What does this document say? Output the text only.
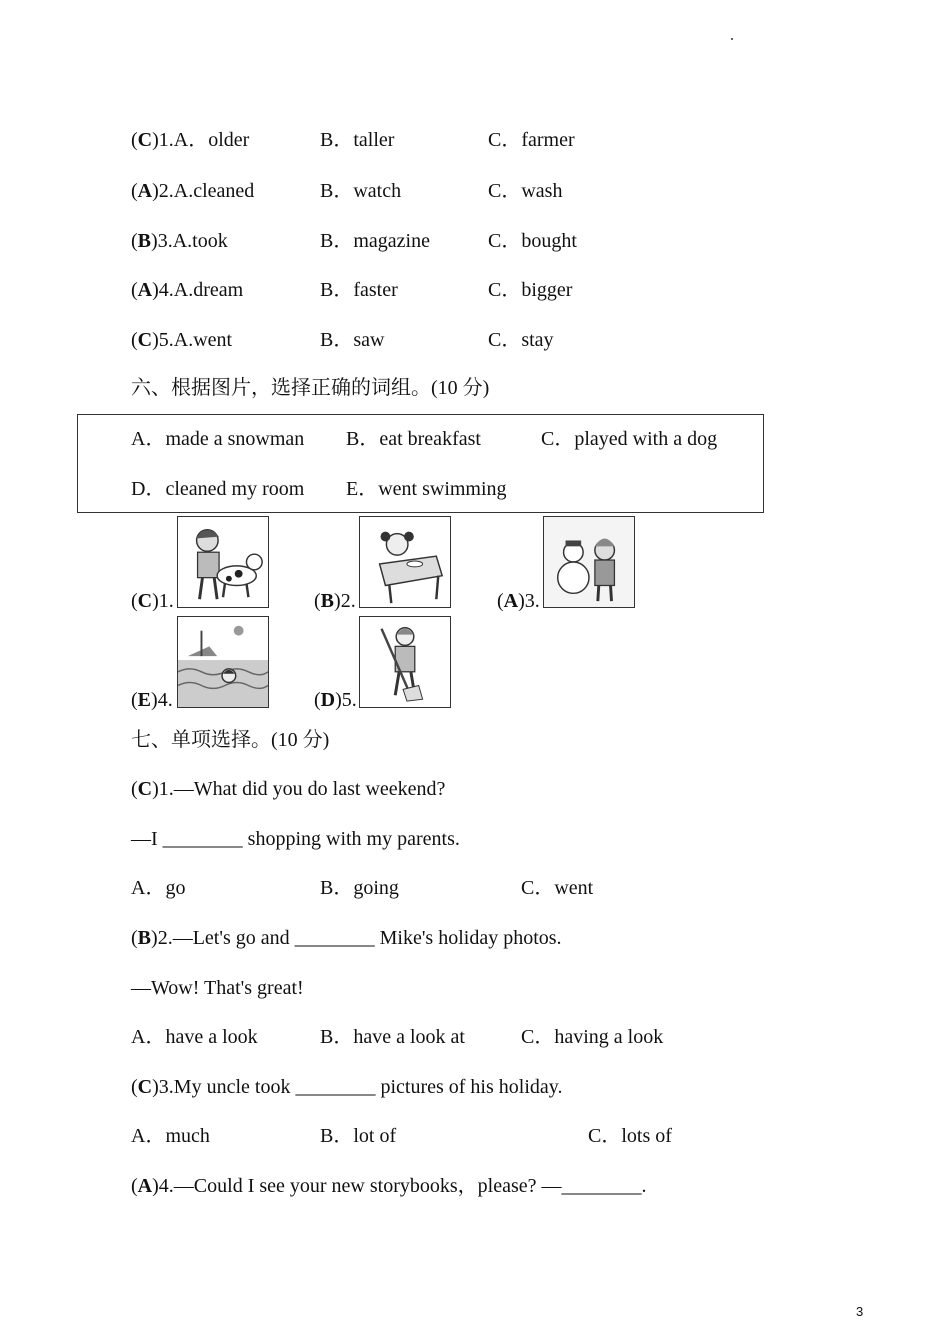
(C)1.A．older	B．taller	C．farmer
(A)2.A.cleaned	B．watch	C．wash
(B)3.A.took	B．magazine	C．bought
(A)4.A.dream	B．faster	C．bigger
(C)5.A.went	B．saw	C．stay
六、根据图片，选择正确的词组。(10 分)
A．made a snowman B．eat breakfast	C．played with a dog
D．cleaned my room E．went swimming
(C)1.	(B)2.	(A)3.
(E)4.	(D)5.
七、单项选择。(10 分)
(C)1.—What did you do last weekend?
—I ________ shopping with my parents.
A．go	B．going	C．went
(B)2.—Let's go and ________ Mike's holiday photos.
—Wow! That's great!
A．have a look	B．have a look at	C．having a look
(C)3.My uncle took ________ pictures of his holiday.
A．much	B．lot of	C．lots of
(A)4.—Could I see your new storybooks，please? —________.
3
